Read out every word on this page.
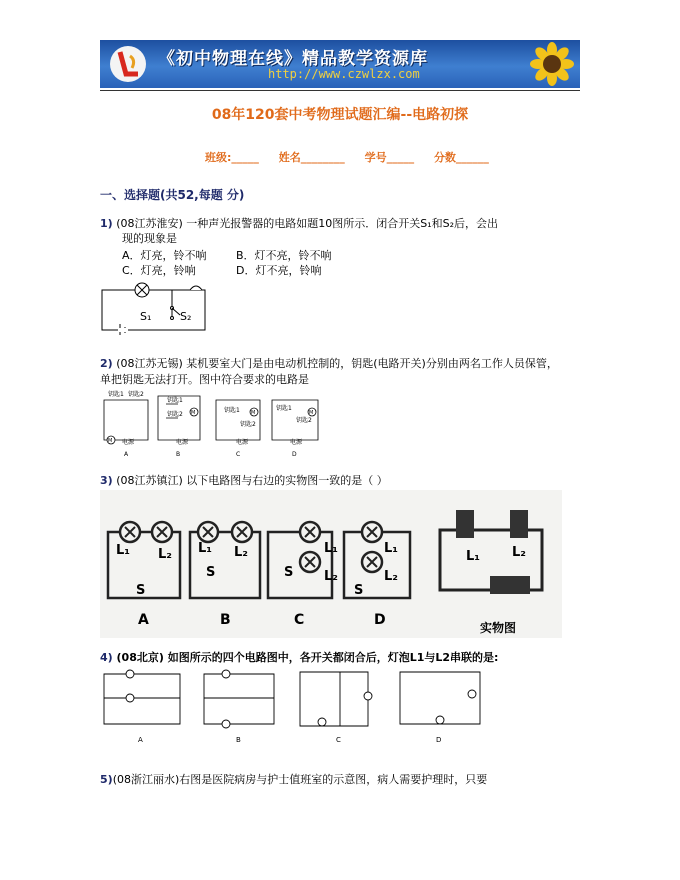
《初中物理在线》精品教学资源库
http://www.czwlzx.com
08年120套中考物理试题汇编--电路初探
班级:_____ 姓名________ 学号_____ 分数______
一、选择题(共52,每题 分)
1) (08江苏淮安) 一种声光报警器的电路如题10图所示．闭合开关S₁和S₂后，会出
现的现象是
A．灯亮，铃不响	B．灯不亮，铃不响
C．灯亮，铃响	D．灯不亮，铃响
S₁	S₂
2) (08江苏无锡) 某机要室大门是由电动机控制的，钥匙(电路开关)分别由两名工作人员保管，
单把钥匙无法打开。图中符合要求的电路是
钥匙1 钥匙2
M 电源
钥匙1
钥匙2 M
电源
钥匙1
钥匙2
M
电源
钥匙1
钥匙2
M
电源
A	B	C	D
3) (08江苏镇江) 以下电路图与右边的实物图一致的是（ ）
L₁ L₂
S
L₁ L₂
S
L₁
L₂
S
L₁
L₂
S
L₁ L₂
A	B	C	D	实物图
4) (08北京) 如图所示的四个电路图中，各开关都闭合后，灯泡L1与L2串联的是:
A	B	C	D
5)(08浙江丽水)右图是医院病房与护士值班室的示意图，病人需要护理时，只要
